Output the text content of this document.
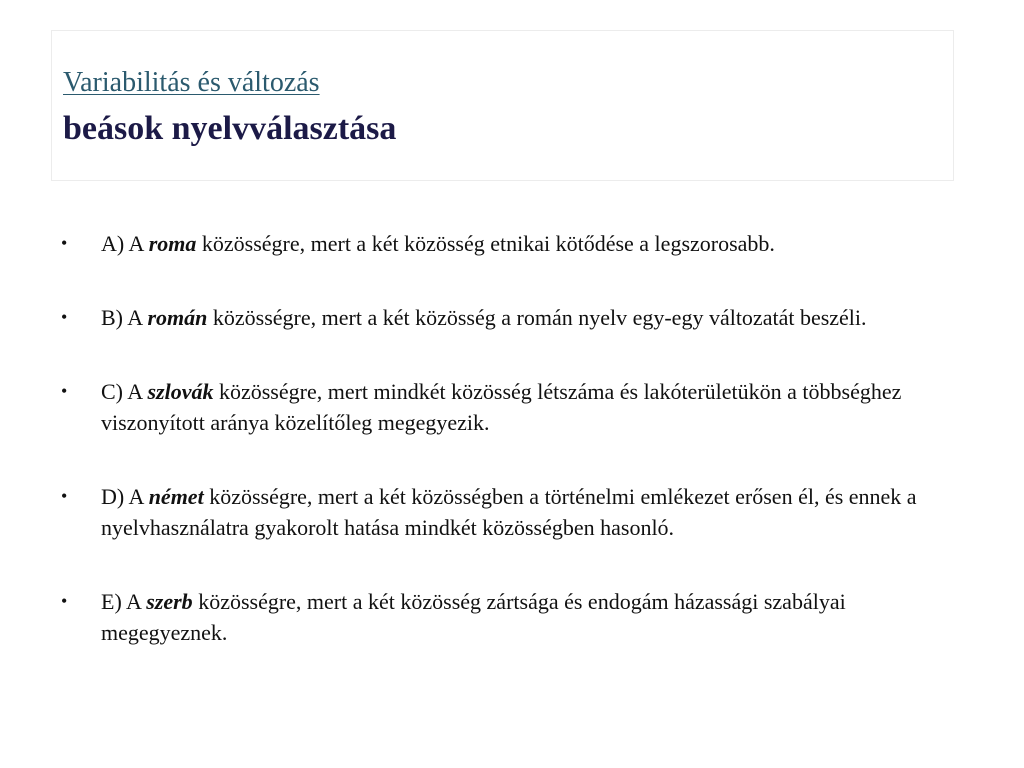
Variabilitás és változás
beások nyelvválasztása
• A) A roma közösségre, mert a két közösség etnikai kötődése a legszorosabb.
• B) A román közösségre, mert a két közösség a román nyelv egy-egy változatát beszéli.
• C) A szlovák közösségre, mert mindkét közösség létszáma és lakóterületükön a többséghez viszonyított aránya közelítőleg megegyezik.
• D) A német közösségre, mert a két közösségben a történelmi emlékezet erősen él, és ennek a nyelvhasználatra gyakorolt hatása mindkét közösségben hasonló.
• E) A szerb közösségre, mert a két közösség zártsága és endogám házassági szabályai megegyeznek.
